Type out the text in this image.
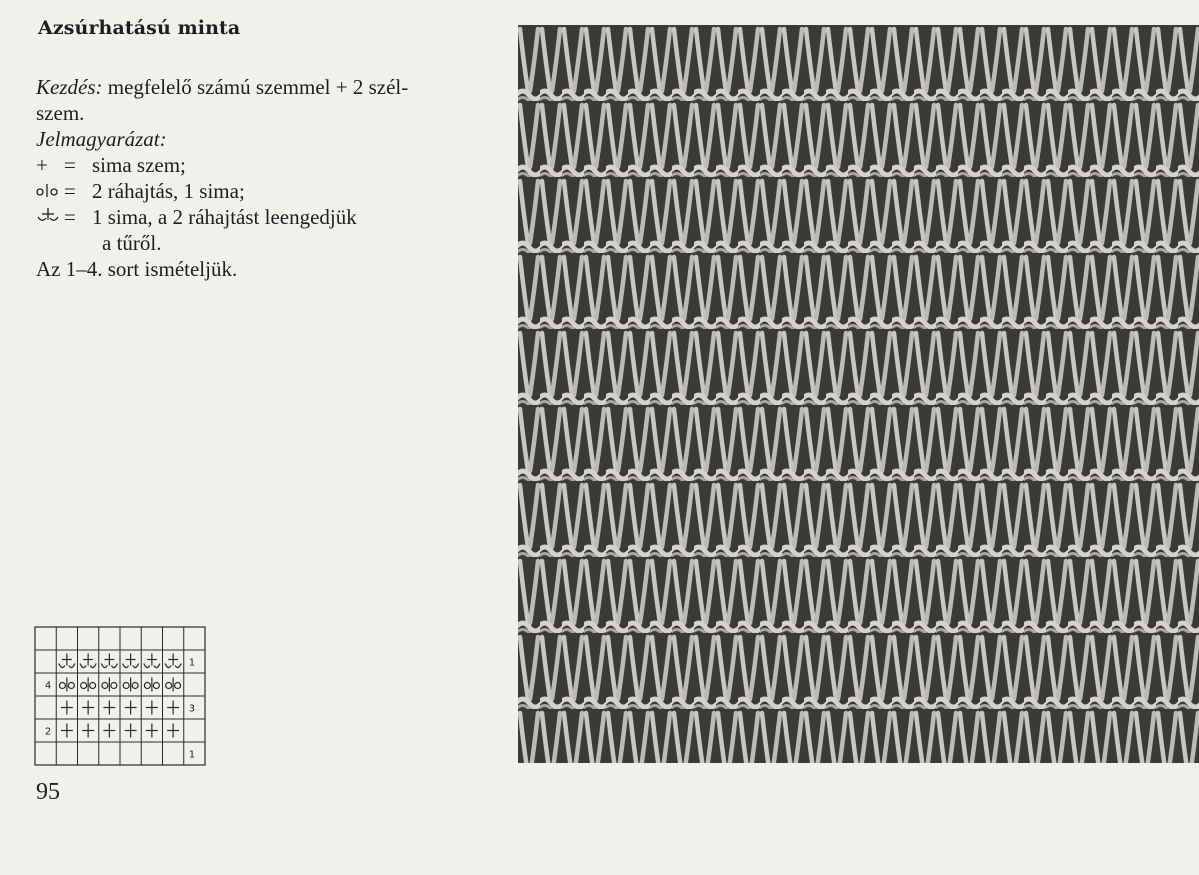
Azsúrhatású minta
Kezdés: megfelelő számú szemmel + 2 szél-
szem.
Jelmagyarázat:
+ = sima szem;
= 2 ráhajtás, 1 sima;
= 1 sima, a 2 ráhajtást leengedjük
a tűről.
Az 1–4. sort ismételjük.
1
4
3
2
1
95
